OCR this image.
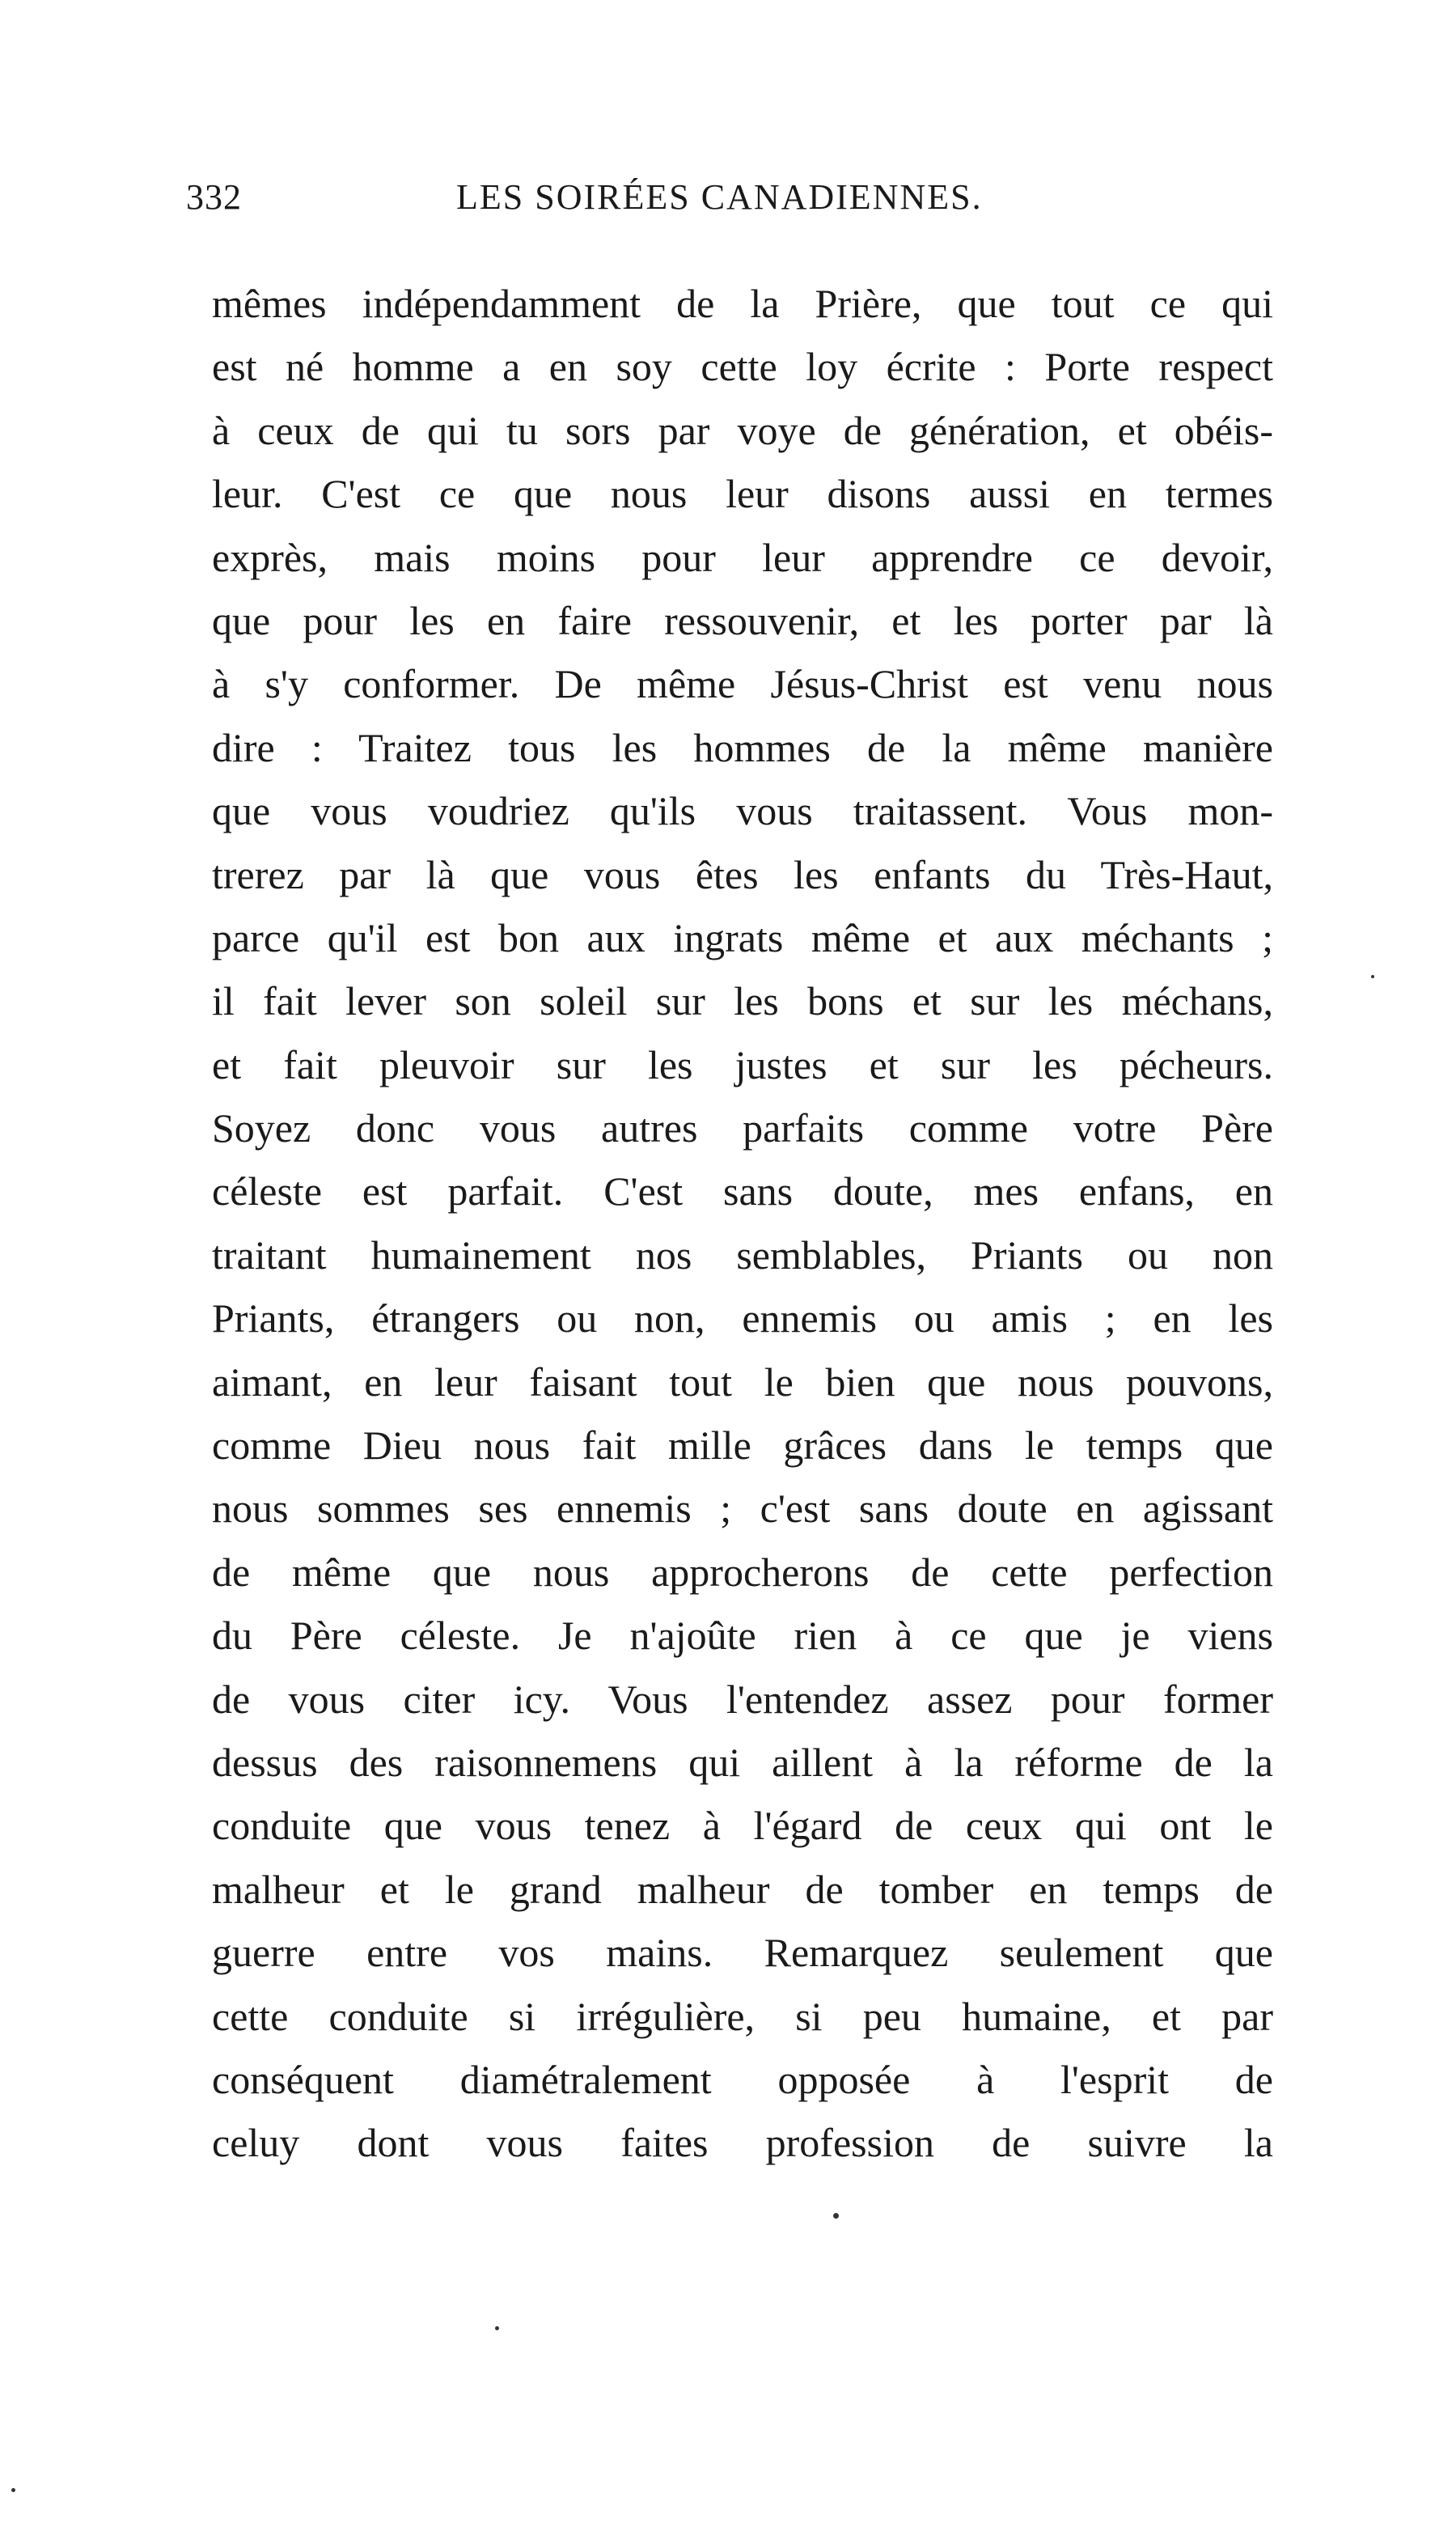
332	LES SOIRÉES CANADIENNES.
mêmes indépendamment de la Prière, que tout ce qui
est né homme a en soy cette loy écrite : Porte respect
à ceux de qui tu sors par voye de génération, et obéis-
leur. C'est ce que nous leur disons aussi en termes
exprès, mais moins pour leur apprendre ce devoir,
que pour les en faire ressouvenir, et les porter par là
à s'y conformer. De même Jésus-Christ est venu nous
dire : Traitez tous les hommes de la même manière
que vous voudriez qu'ils vous traitassent. Vous mon-
trerez par là que vous êtes les enfants du Très-Haut,
parce qu'il est bon aux ingrats même et aux méchants ;
il fait lever son soleil sur les bons et sur les méchans,
et fait pleuvoir sur les justes et sur les pécheurs.
Soyez donc vous autres parfaits comme votre Père
céleste est parfait. C'est sans doute, mes enfans, en
traitant humainement nos semblables, Priants ou non
Priants, étrangers ou non, ennemis ou amis ; en les
aimant, en leur faisant tout le bien que nous pouvons,
comme Dieu nous fait mille grâces dans le temps que
nous sommes ses ennemis ; c'est sans doute en agissant
de même que nous approcherons de cette perfection
du Père céleste. Je n'ajoûte rien à ce que je viens
de vous citer icy. Vous l'entendez assez pour former
dessus des raisonnemens qui aillent à la réforme de la
conduite que vous tenez à l'égard de ceux qui ont le
malheur et le grand malheur de tomber en temps de
guerre entre vos mains. Remarquez seulement que
cette conduite si irrégulière, si peu humaine, et par
conséquent diamétralement opposée à l'esprit de
celuy dont vous faites profession de suivre la
